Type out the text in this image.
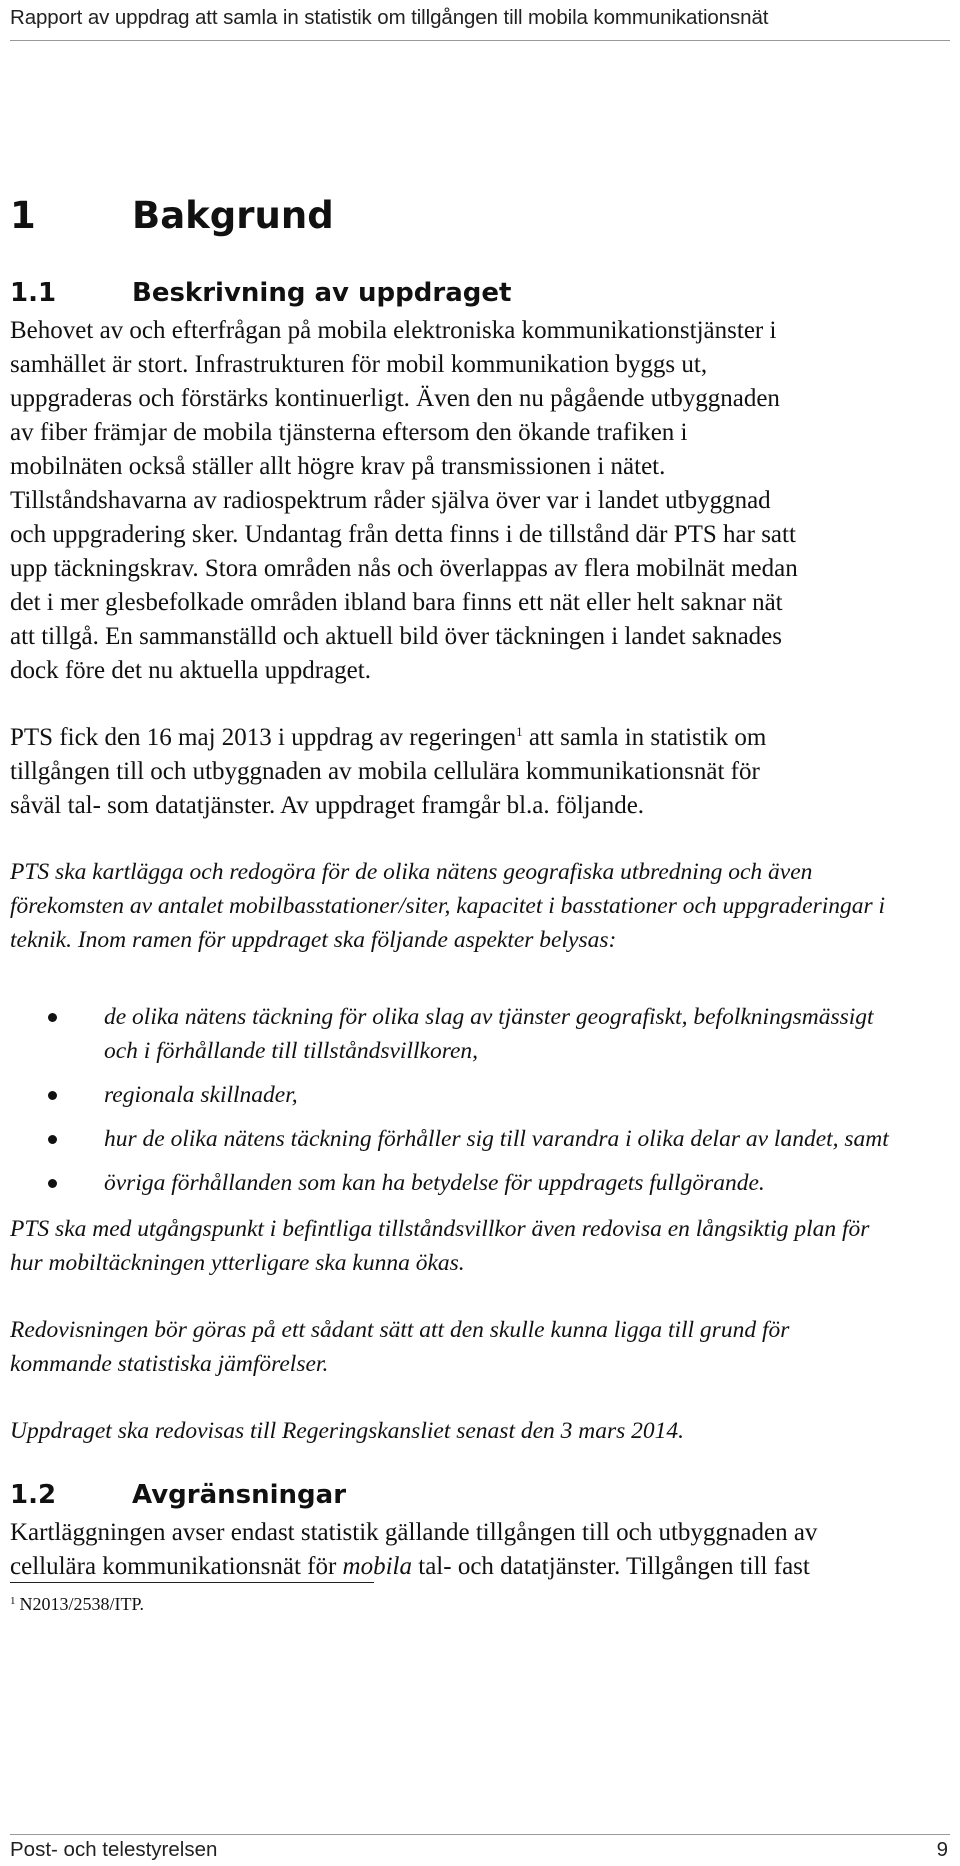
Rapport av uppdrag att samla in statistik om tillgången till mobila kommunikationsnät
1	Bakgrund
1.1	Beskrivning av uppdraget
Behovet av och efterfrågan på mobila elektroniska kommunikationstjänster i
samhället är stort. Infrastrukturen för mobil kommunikation byggs ut,
uppgraderas och förstärks kontinuerligt. Även den nu pågående utbyggnaden
av fiber främjar de mobila tjänsterna eftersom den ökande trafiken i
mobilnäten också ställer allt högre krav på transmissionen i nätet.
Tillståndshavarna av radiospektrum råder själva över var i landet utbyggnad
och uppgradering sker. Undantag från detta finns i de tillstånd där PTS har satt
upp täckningskrav. Stora områden nås och överlappas av flera mobilnät medan
det i mer glesbefolkade områden ibland bara finns ett nät eller helt saknar nät
att tillgå. En sammanställd och aktuell bild över täckningen i landet saknades
dock före det nu aktuella uppdraget.
PTS fick den 16 maj 2013 i uppdrag av regeringen$^1$ att samla in statistik om
tillgången till och utbyggnaden av mobila cellulära kommunikationsnät för
såväl tal- som datatjänster. Av uppdraget framgår bl.a. följande.
PTS ska kartlägga och redogöra för de olika nätens geografiska utbredning och även
förekomsten av antalet mobilbasstationer/siter, kapacitet i basstationer och uppgraderingar i
teknik. Inom ramen för uppdraget ska följande aspekter belysas:
de olika nätens täckning för olika slag av tjänster geografiskt, befolkningsmässigt
och i förhållande till tillståndsvillkoren,
regionala skillnader,
hur de olika nätens täckning förhåller sig till varandra i olika delar av landet, samt
övriga förhållanden som kan ha betydelse för uppdragets fullgörande.
PTS ska med utgångspunkt i befintliga tillståndsvillkor även redovisa en långsiktig plan för
hur mobiltäckningen ytterligare ska kunna ökas.
Redovisningen bör göras på ett sådant sätt att den skulle kunna ligga till grund för
kommande statistiska jämförelser.
Uppdraget ska redovisas till Regeringskansliet senast den 3 mars 2014.
1.2	Avgränsningar
Kartläggningen avser endast statistik gällande tillgången till och utbyggnaden av
cellulära kommunikationsnät för mobila tal- och datatjänster. Tillgången till fast
$^1$ N2013/2538/ITP.
Post- och telestyrelsen	9
